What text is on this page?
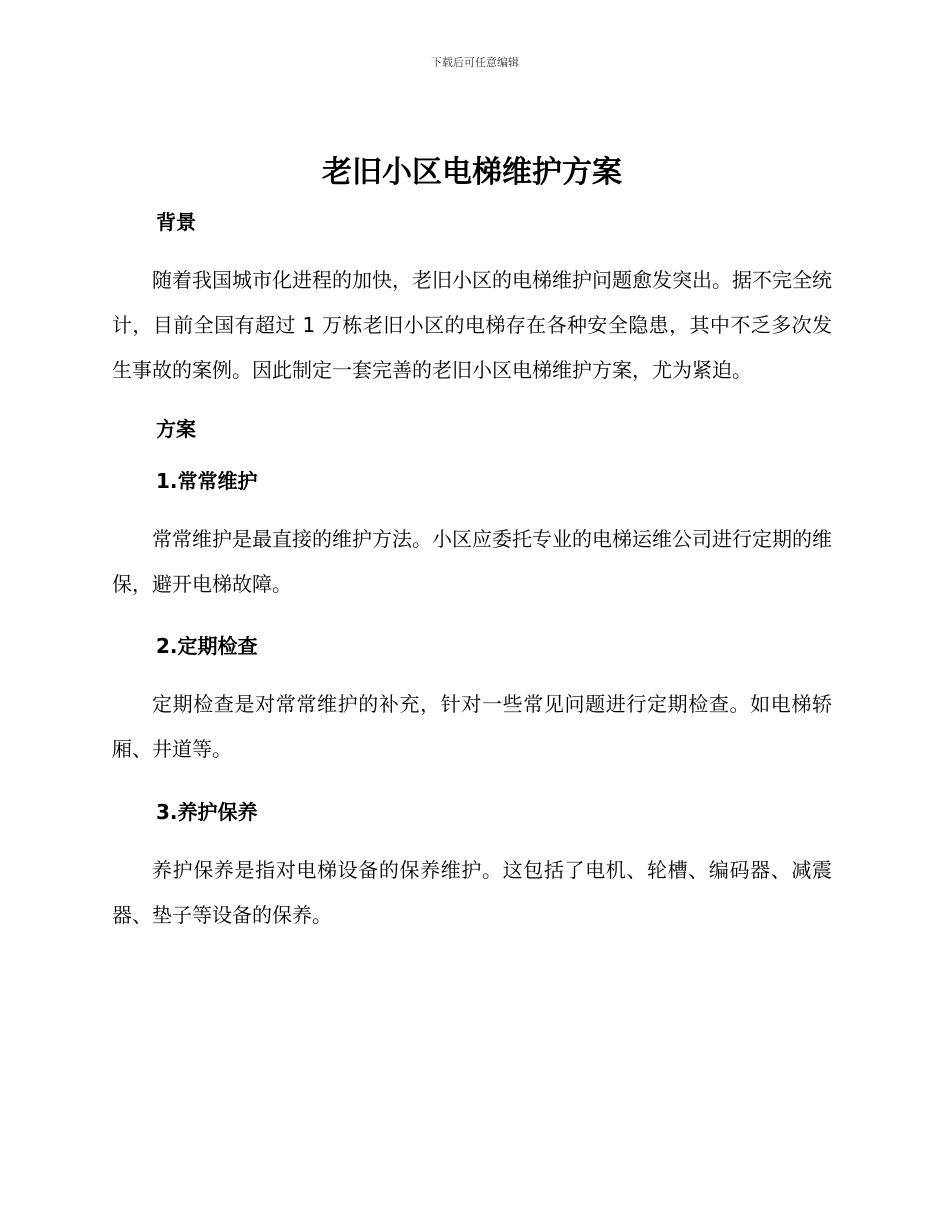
下载后可任意编辑
老旧小区电梯维护方案
背景

随着我国城市化进程的加快，老旧小区的电梯维护问题愈发突出。据不完全统计，目前全国有超过 1 万栋老旧小区的电梯存在各种安全隐患，其中不乏多次发生事故的案例。因此制定一套完善的老旧小区电梯维护方案，尤为紧迫。

方案
1.常常维护

常常维护是最直接的维护方法。小区应委托专业的电梯运维公司进行定期的维保，避开电梯故障。

2.定期检查

定期检查是对常常维护的补充，针对一些常见问题进行定期检查。如电梯轿厢、井道等。

3.养护保养

养护保养是指对电梯设备的保养维护。这包括了电机、轮槽、编码器、减震器、垫子等设备的保养。
